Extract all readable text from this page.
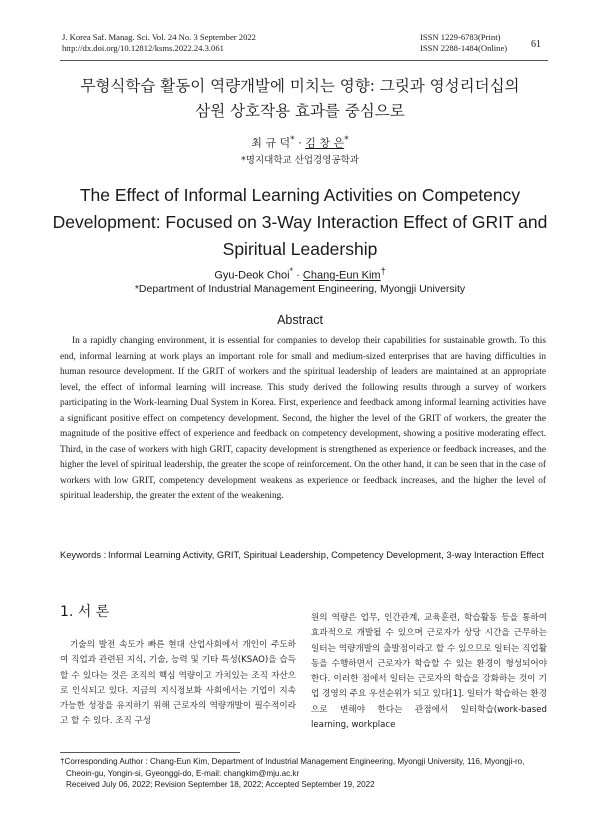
J. Korea Saf. Manag. Sci. Vol. 24 No. 3 September 2022
http://dx.doi.org/10.12812/ksms.2022.24.3.061
ISSN 1229-6783(Print)
ISSN 2288-1484(Online) 61
무형식학습 활동이 역량개발에 미치는 영향: 그릿과 영성리더십의
삼원 상호작용 효과를 중심으로
최 규 덕* · 김 창 은*
*명지대학교 산업경영공학과
The Effect of Informal Learning Activities on Competency
Development: Focused on 3-Way Interaction Effect of GRIT and
Spiritual Leadership
Gyu-Deok Choi* · Chang-Eun Kim†
*Department of Industrial Management Engineering, Myongji University
Abstract

In a rapidly changing environment, it is essential for companies to develop their capabilities for sustainable growth. To this end, informal learning at work plays an important role for small and medium-sized enterprises that are having difficulties in human resource development. If the GRIT of workers and the spiritual leadership of leaders are maintained at an appropriate level, the effect of informal learning will increase. This study derived the following results through a survey of workers participating in the Work-learning Dual System in Korea. First, experience and feedback among informal learning activities have a significant positive effect on competency development. Second, the higher the level of the GRIT of workers, the greater the magnitude of the positive effect of experience and feedback on competency development, showing a positive moderating effect. Third, in the case of workers with high GRIT, capacity development is strengthened as experience or feedback increases, and the higher the level of spiritual leadership, the greater the scope of reinforcement. On the other hand, it can be seen that in the case of workers with low GRIT, competency development weakens as experience or feedback increases, and the higher the level of spiritual leadership, the greater the extent of the weakening.

Keywords : Informal Learning Activity, GRIT, Spiritual Leadership, Competency Development, 3-way Interaction Effect
1. 서 론

기술의 발전 속도가 빠른 현대 산업사회에서 개인이 주도하여 직업과 관련된 지식, 기술, 능력 및 기타 특성(KSAO)을 습득할 수 있다는 것은 조직의 핵심 역량이고 가치있는 조직 자산으로 인식되고 있다. 지금의 지식정보화 사회에서는 기업이 지속 가능한 성장을 유지하기 위해 근로자의 역량개발이 필수적이라고 할 수 있다. 조직 구성

원의 역량은 업무, 인간관계, 교육훈련, 학습활동 등을 통하여 효과적으로 개발될 수 있으며 근로자가 상당 시간을 근무하는 일터는 역량개발의 출발점이라고 할 수 있으므로 일터는 직업활동을 수행하면서 근로자가 학습할 수 있는 환경이 형성되어야 한다. 이러한 점에서 일터는 근로자의 학습을 강화하는 것이 기업 경영의 주요 우선순위가 되고 있다[1]. 일터가 학습하는 환경으로 변해야 한다는 관점에서 일터학습(work-based learning, workplace

†Corresponding Author : Chang-Eun Kim, Department of Industrial Management Engineering, Myongji University, 116, Myongji-ro,
Cheoin-gu, Yongin-si, Gyeonggi-do, E-mail: changkim@mju.ac.kr
Received July 06, 2022; Revision September 18, 2022; Accepted September 19, 2022
